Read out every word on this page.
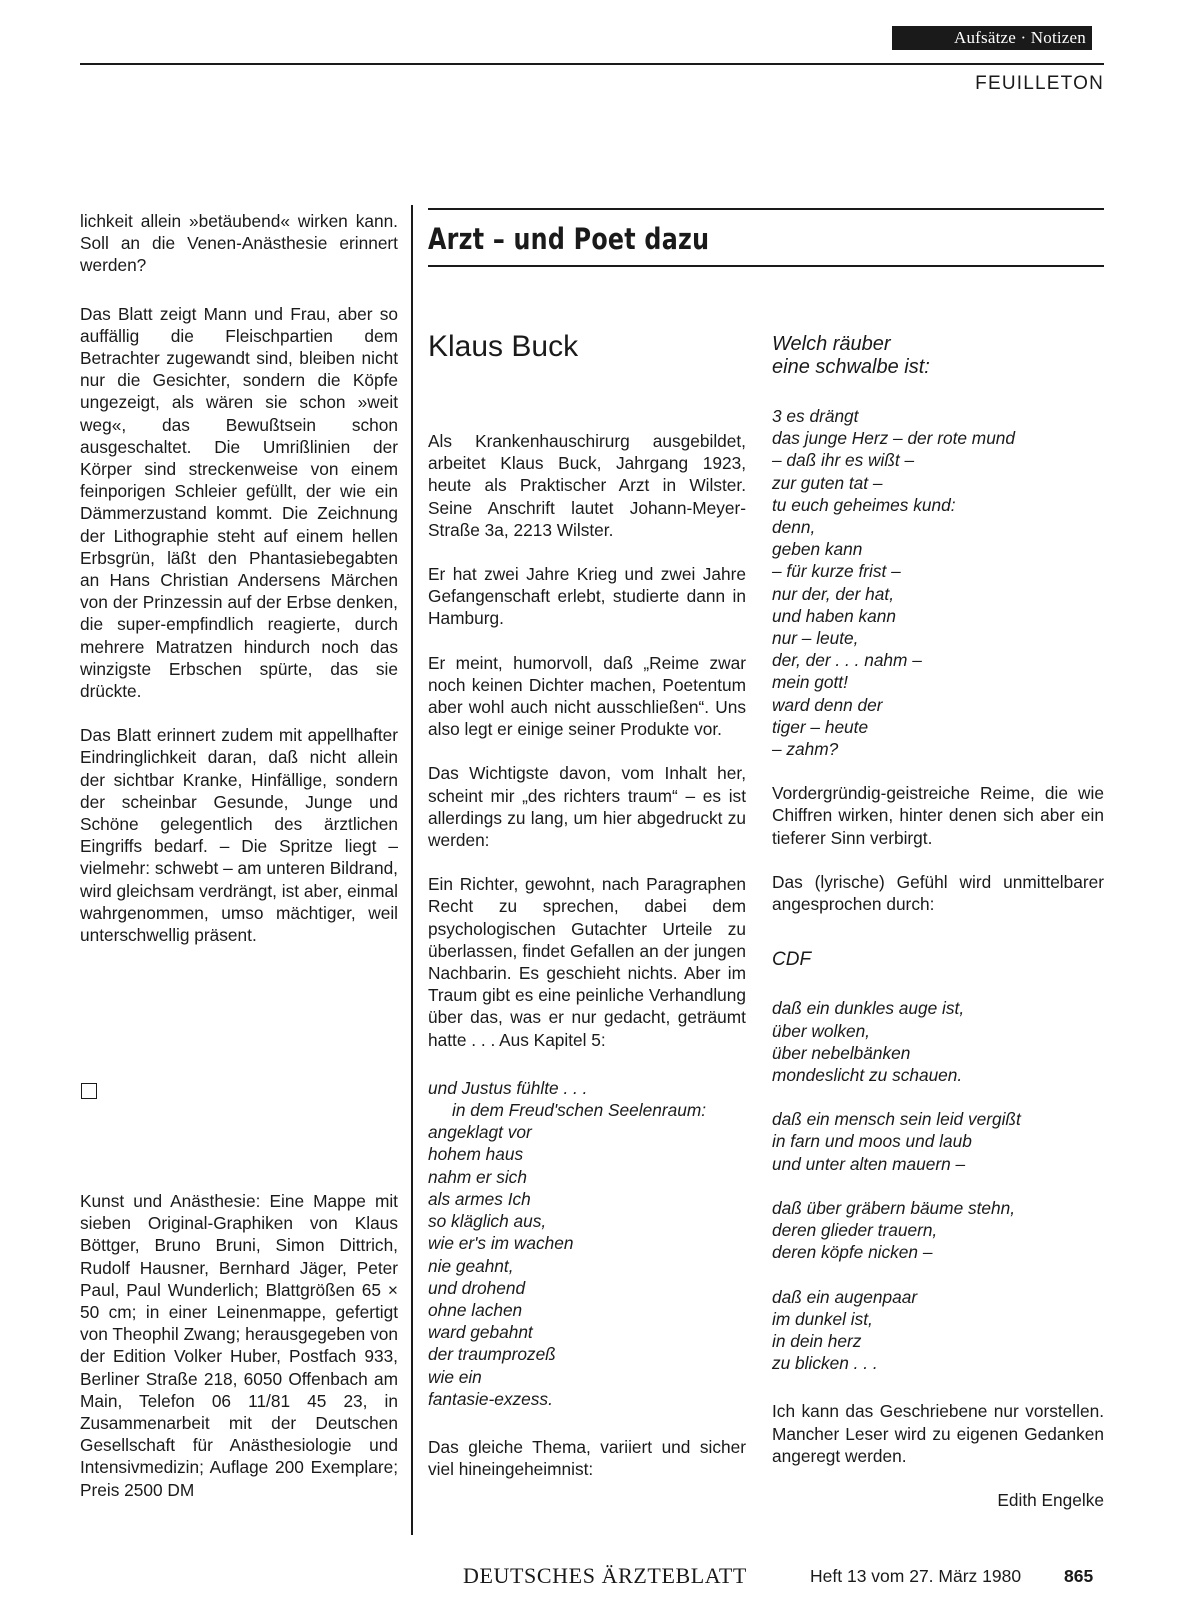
Aufsätze · Notizen
FEUILLETON

lichkeit allein »betäubend« wirken kann. Soll an die Venen-Anästhesie erinnert werden?

Das Blatt zeigt Mann und Frau, aber so auffällig die Fleischpartien dem Betrachter zugewandt sind, bleiben nicht nur die Gesichter, sondern die Köpfe ungezeigt, als wären sie schon »weit weg«, das Bewußtsein schon ausgeschaltet. Die Umrißlinien der Körper sind streckenweise von einem feinporigen Schleier gefüllt, der wie ein Dämmerzustand kommt. Die Zeichnung der Lithographie steht auf einem hellen Erbsgrün, läßt den Phantasiebegabten an Hans Christian Andersens Märchen von der Prinzessin auf der Erbse denken, die super-empfindlich reagierte, durch mehrere Matratzen hindurch noch das winzigste Erbschen spürte, das sie drückte.

Das Blatt erinnert zudem mit appellhafter Eindringlichkeit daran, daß nicht allein der sichtbar Kranke, Hinfällige, sondern der scheinbar Gesunde, Junge und Schöne gelegentlich des ärztlichen Eingriffs bedarf. – Die Spritze liegt – vielmehr: schwebt – am unteren Bildrand, wird gleichsam verdrängt, ist aber, einmal wahrgenommen, umso mächtiger, weil unterschwellig präsent.

Kunst und Anästhesie: Eine Mappe mit sieben Original-Graphiken von Klaus Böttger, Bruno Bruni, Simon Dittrich, Rudolf Hausner, Bernhard Jäger, Peter Paul, Paul Wunderlich; Blattgrößen 65 × 50 cm; in einer Leinenmappe, gefertigt von Theophil Zwang; herausgegeben von der Edition Volker Huber, Postfach 933, Berliner Straße 218, 6050 Offenbach am Main, Telefon 06 11/81 45 23, in Zusammenarbeit mit der Deutschen Gesellschaft für Anästhesiologie und Intensivmedizin; Auflage 200 Exemplare; Preis 2500 DM

Arzt – und Poet dazu
Klaus Buck

Als Krankenhauschirurg ausgebildet, arbeitet Klaus Buck, Jahrgang 1923, heute als Praktischer Arzt in Wilster. Seine Anschrift lautet Johann-Meyer-Straße 3a, 2213 Wilster.

Er hat zwei Jahre Krieg und zwei Jahre Gefangenschaft erlebt, studierte dann in Hamburg.

Er meint, humorvoll, daß „Reime zwar noch keinen Dichter machen, Poetentum aber wohl auch nicht ausschließen“. Uns also legt er einige seiner Produkte vor.

Das Wichtigste davon, vom Inhalt her, scheint mir „des richters traum“ – es ist allerdings zu lang, um hier abgedruckt zu werden:

Ein Richter, gewohnt, nach Paragraphen Recht zu sprechen, dabei dem psychologischen Gutachter Urteile zu überlassen, findet Gefallen an der jungen Nachbarin. Es geschieht nichts. Aber im Traum gibt es eine peinliche Verhandlung über das, was er nur gedacht, geträumt hatte . . . Aus Kapitel 5:

und Justus fühlte . . .
in dem Freud'schen Seelenraum:
angeklagt vor
hohem haus
nahm er sich
als armes Ich
so kläglich aus,
wie er's im wachen
nie geahnt,
und drohend
ohne lachen
ward gebahnt
der traumprozeß
wie ein
fantasie-exzess.

Das gleiche Thema, variiert und sicher viel hineingeheimnist:

Welch räuber
eine schwalbe ist:
3 es drängt
das junge Herz – der rote mund
– daß ihr es wißt –
zur guten tat –
tu euch geheimes kund:
denn,
geben kann
– für kurze frist –
nur der, der hat,
und haben kann
nur – leute,
der, der . . . nahm –
mein gott!
ward denn der
tiger – heute
– zahm?

Vordergründig-geistreiche Reime, die wie Chiffren wirken, hinter denen sich aber ein tieferer Sinn verbirgt.

Das (lyrische) Gefühl wird unmittelbarer angesprochen durch:

CDF
daß ein dunkles auge ist,
über wolken,
über nebelbänken
mondeslicht zu schauen.
daß ein mensch sein leid vergißt
in farn und moos und laub
und unter alten mauern –
daß über gräbern bäume stehn,
deren glieder trauern,
deren köpfe nicken –
daß ein augenpaar
im dunkel ist,
in dein herz
zu blicken . . .

Ich kann das Geschriebene nur vorstellen. Mancher Leser wird zu eigenen Gedanken angeregt werden.

Edith Engelke
DEUTSCHES ÄRZTEBLATT	Heft 13 vom 27. März 1980 865
